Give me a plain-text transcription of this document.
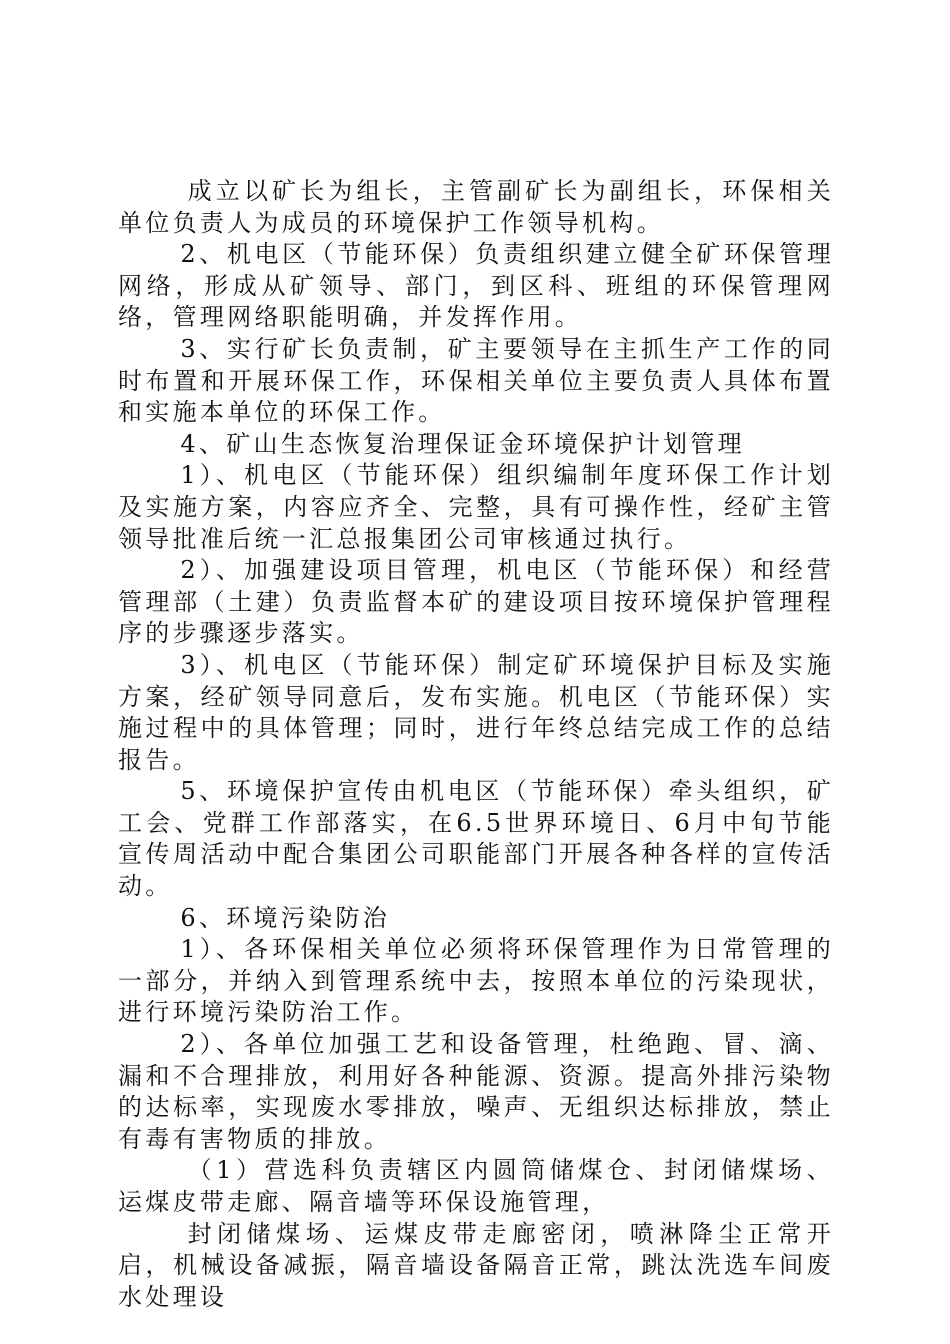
成立以矿长为组长，主管副矿长为副组长，环保相关单位负责人为成员的环境保护工作领导机构。

2、机电区（节能环保）负责组织建立健全矿环保管理网络，形成从矿领导、部门，到区科、班组的环保管理网络，管理网络职能明确，并发挥作用。

3、实行矿长负责制，矿主要领导在主抓生产工作的同时布置和开展环保工作，环保相关单位主要负责人具体布置和实施本单位的环保工作。

4、矿山生态恢复治理保证金环境保护计划管理

1）、机电区（节能环保）组织编制年度环保工作计划及实施方案，内容应齐全、完整，具有可操作性，经矿主管领导批准后统一汇总报集团公司审核通过执行。

2）、加强建设项目管理，机电区（节能环保）和经营管理部（土建）负责监督本矿的建设项目按环境保护管理程序的步骤逐步落实。

3）、机电区（节能环保）制定矿环境保护目标及实施方案，经矿领导同意后，发布实施。机电区（节能环保）实施过程中的具体管理；同时，进行年终总结完成工作的总结报告。

5、环境保护宣传由机电区（节能环保）牵头组织，矿工会、党群工作部落实，在6.5世界环境日、6月中旬节能宣传周活动中配合集团公司职能部门开展各种各样的宣传活动。

6、环境污染防治

1）、各环保相关单位必须将环保管理作为日常管理的一部分，并纳入到管理系统中去，按照本单位的污染现状，进行环境污染防治工作。

2）、各单位加强工艺和设备管理，杜绝跑、冒、滴、漏和不合理排放，利用好各种能源、资源。提高外排污染物的达标率，实现废水零排放，噪声、无组织达标排放，禁止有毒有害物质的排放。

（1）营选科负责辖区内圆筒储煤仓、封闭储煤场、运煤皮带走廊、隔音墙等环保设施管理，

封闭储煤场、运煤皮带走廊密闭，喷淋降尘正常开启，机械设备减振，隔音墙设备隔音正常，跳汰洗选车间废水处理设
